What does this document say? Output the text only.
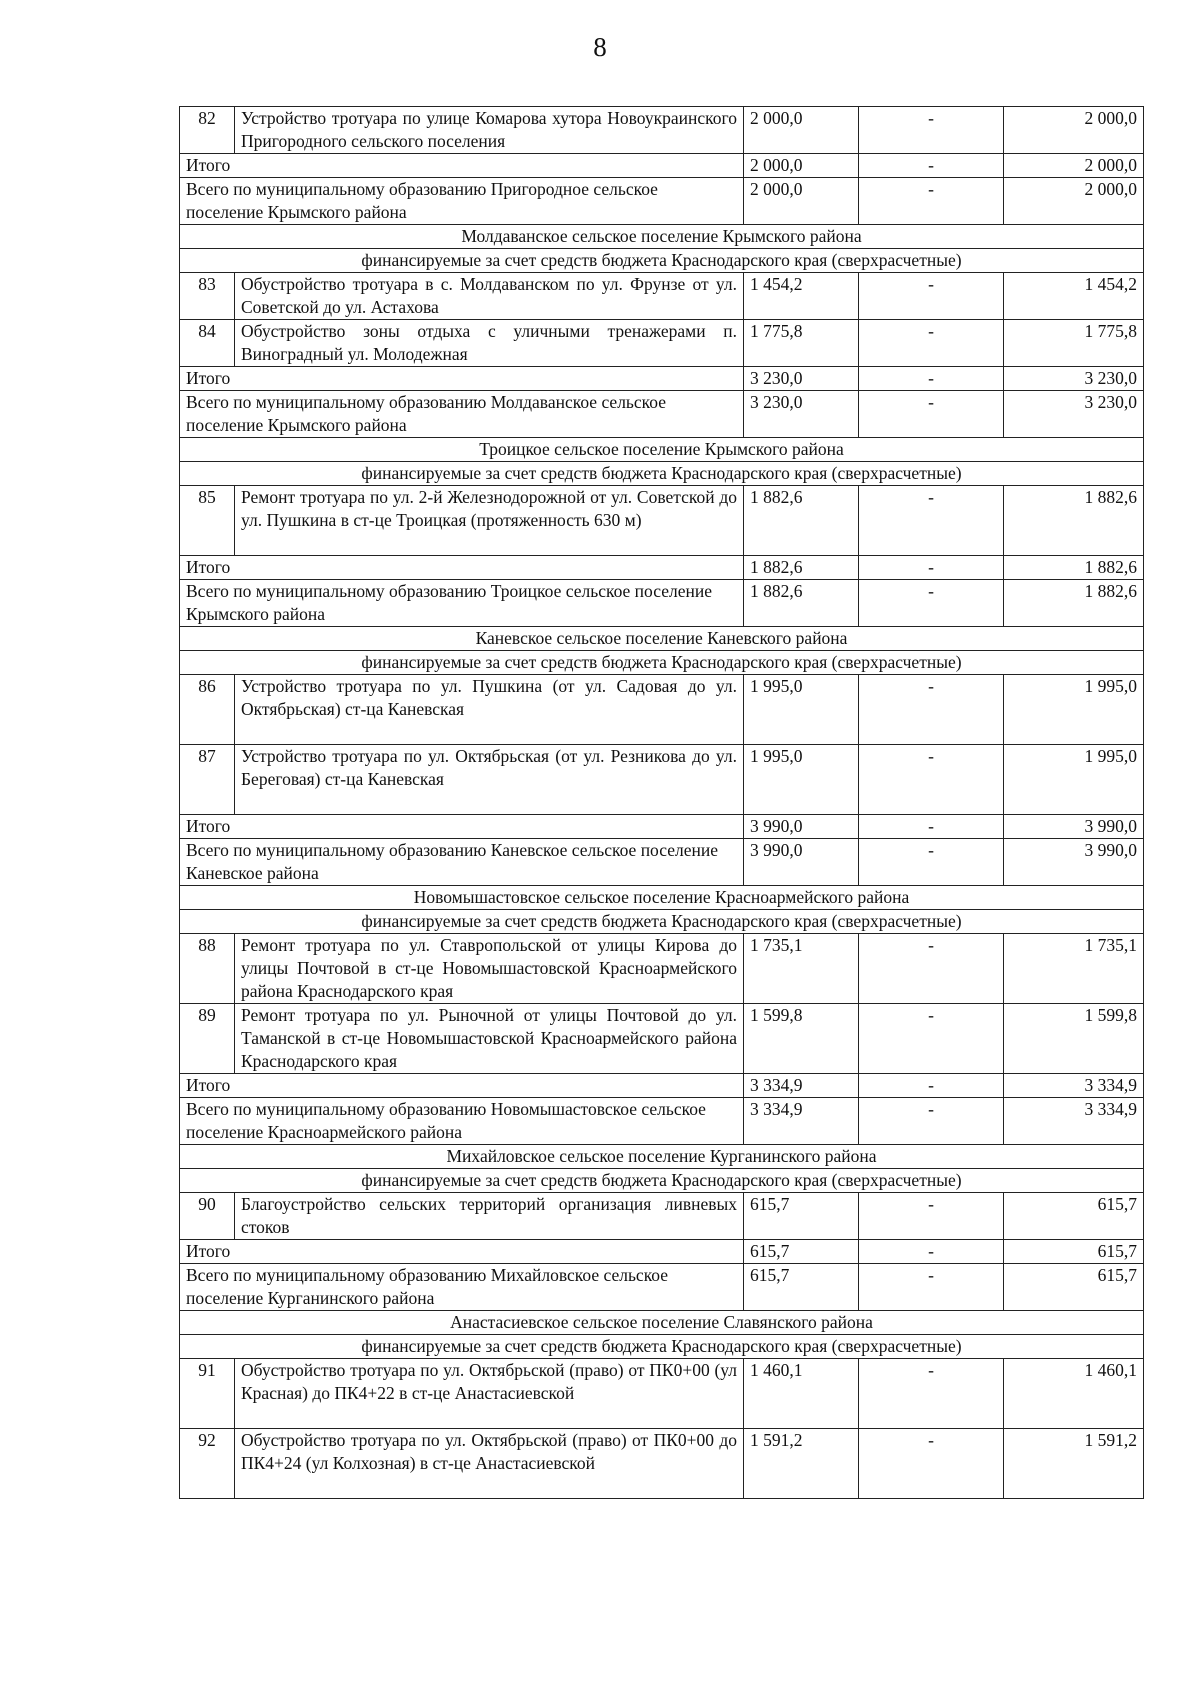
8
82	Устройство тротуара по улице Комарова хутора Новоукраинского Пригородного сельского поселения	2 000,0	-	2 000,0
Итого		2 000,0	-	2 000,0
Всего по муниципальному образованию Пригородное сельское поселение Крымского района		2 000,0	-	2 000,0
Молдаванское сельское поселение Крымского района				
финансируемые за счет средств бюджета Краснодарского края (сверхрасчетные)				
83	Обустройство тротуара в с. Молдаванском по ул. Фрунзе от ул. Советской до ул. Астахова	1 454,2	-	1 454,2
84	Обустройство зоны отдыха с уличными тренажерами п. Виноградный ул. Молодежная	1 775,8	-	1 775,8
Итого		3 230,0	-	3 230,0
Всего по муниципальному образованию Молдаванское сельское поселение Крымского района		3 230,0	-	3 230,0
Троицкое сельское поселение Крымского района				
финансируемые за счет средств бюджета Краснодарского края (сверхрасчетные)				
85	Ремонт тротуара по ул. 2-й Железнодорожной от ул. Советской до ул. Пушкина в ст-це Троицкая (протяженность 630 м)	1 882,6	-	1 882,6
Итого		1 882,6	-	1 882,6
Всего по муниципальному образованию Троицкое сельское поселение Крымского района		1 882,6	-	1 882,6
Каневское сельское поселение Каневского района				
финансируемые за счет средств бюджета Краснодарского края (сверхрасчетные)				
86	Устройство тротуара по ул. Пушкина (от ул. Садовая до ул. Октябрьская) ст-ца Каневская	1 995,0	-	1 995,0
87	Устройство тротуара по ул. Октябрьская (от ул. Резникова до ул. Береговая) ст-ца Каневская	1 995,0	-	1 995,0
Итого		3 990,0	-	3 990,0
Всего по муниципальному образованию Каневское сельское поселение Каневское района		3 990,0	-	3 990,0
Новомышастовское сельское поселение Красноармейского района				
финансируемые за счет средств бюджета Краснодарского края (сверхрасчетные)				
88	Ремонт тротуара по ул. Ставропольской от улицы Кирова до улицы Почтовой в ст-це Новомышастовской Красноармейского района Краснодарского края	1 735,1	-	1 735,1
89	Ремонт тротуара по ул. Рыночной от улицы Почтовой до ул. Таманской в ст-це Новомышастовской Красноармейского района Краснодарского края	1 599,8	-	1 599,8
Итого		3 334,9	-	3 334,9
Всего по муниципальному образованию Новомышастовское сельское поселение Красноармейского района		3 334,9	-	3 334,9
Михайловское сельское поселение Курганинского района				
финансируемые за счет средств бюджета Краснодарского края (сверхрасчетные)				
90	Благоустройство сельских территорий организация ливневых стоков	615,7	-	615,7
Итого		615,7	-	615,7
Всего по муниципальному образованию Михайловское сельское поселение Курганинского района		615,7	-	615,7
Анастасиевское сельское поселение Славянского района				
финансируемые за счет средств бюджета Краснодарского края (сверхрасчетные)				
91	Обустройство тротуара по ул. Октябрьской (право) от ПК0+00 (ул Красная) до ПК4+22 в ст-це Анастасиевской	1 460,1	-	1 460,1
92	Обустройство тротуара по ул. Октябрьской (право) от ПК0+00 до ПК4+24 (ул Колхозная) в ст-це Анастасиевской	1 591,2	-	1 591,2
